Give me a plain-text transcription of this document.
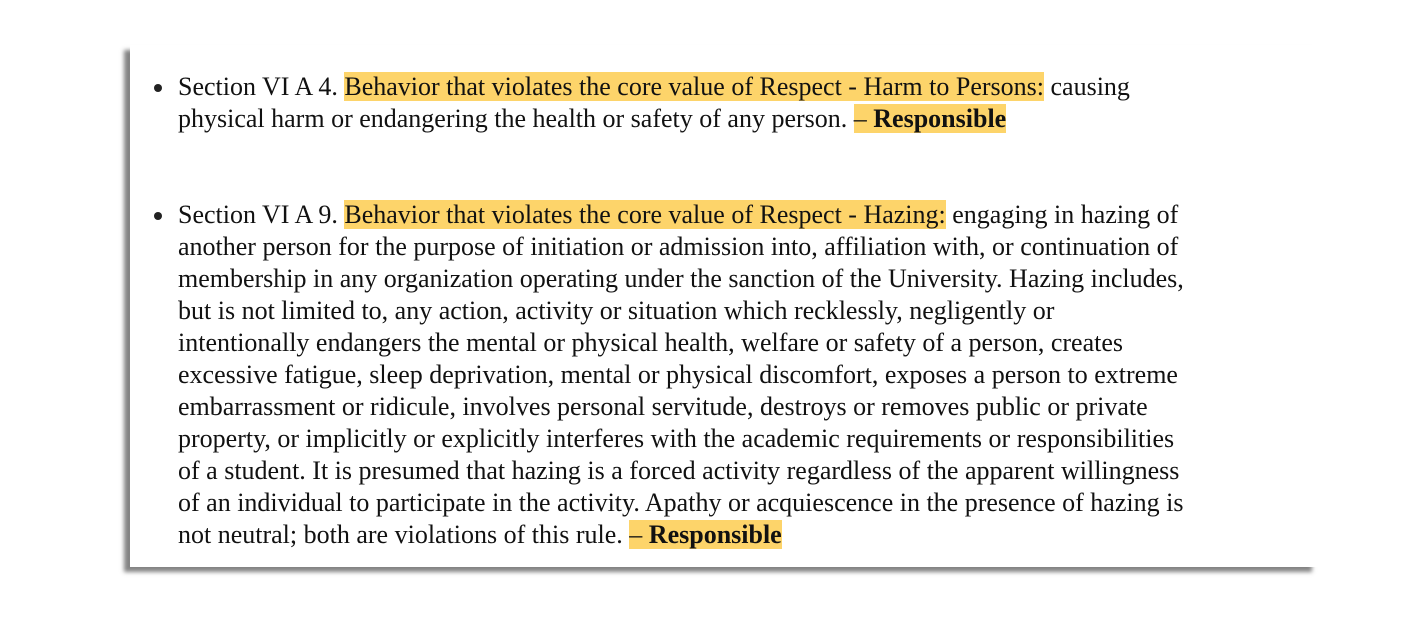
Section VI A 4. Behavior that violates the core value of Respect - Harm to Persons: causing
physical harm or endangering the health or safety of any person. – Responsible
Section VI A 9. Behavior that violates the core value of Respect - Hazing: engaging in hazing of
another person for the purpose of initiation or admission into, affiliation with, or continuation of
membership in any organization operating under the sanction of the University. Hazing includes,
but is not limited to, any action, activity or situation which recklessly, negligently or
intentionally endangers the mental or physical health, welfare or safety of a person, creates
excessive fatigue, sleep deprivation, mental or physical discomfort, exposes a person to extreme
embarrassment or ridicule, involves personal servitude, destroys or removes public or private
property, or implicitly or explicitly interferes with the academic requirements or responsibilities
of a student. It is presumed that hazing is a forced activity regardless of the apparent willingness
of an individual to participate in the activity. Apathy or acquiescence in the presence of hazing is
not neutral; both are violations of this rule. – Responsible
